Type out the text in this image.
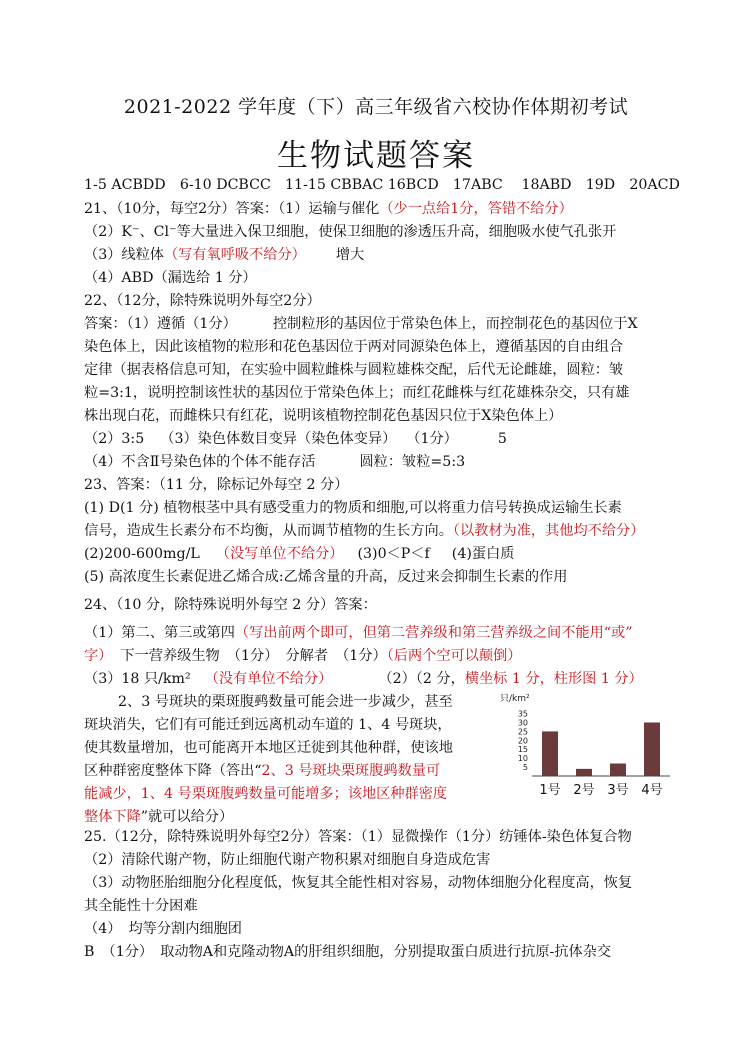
2021-2022 学年度（下）高三年级省六校协作体期初考试
生物试题答案
1-5 ACBDD　6-10 DCBCC　11-15 CBBAC 16BCD　17ABC　 18ABD　19D　20ACD
21、（10分，每空2分）答案：（1）运输与催化（少一点给1分，答错不给分）
（2）K⁻、Cl⁻等大量进入保卫细胞，使保卫细胞的渗透压升高，细胞吸水使气孔张开
（3）线粒体（写有氧呼吸不给分） 增大
（4）ABD（漏选给 1 分）
22、（12分，除特殊说明外每空2分）
答案：（1）遵循（1分）	控制粒形的基因位于常染色体上，而控制花色的基因位于X
染色体上，因此该植物的粒形和花色基因位于两对同源染色体上，遵循基因的自由组合
定律（据表格信息可知，在实验中圆粒雌株与圆粒雄株交配，后代无论雌雄，圆粒：皱
粒=3:1，说明控制该性状的基因位于常染色体上；而红花雌株与红花雄株杂交，只有雄
株出现白花，而雌株只有红花，说明该植物控制花色基因只位于X染色体上）
（2）3:5 （3）染色体数目变异（染色体变异） （1分）	5
（4）不含Ⅱ号染色体的个体不能存活	圆粒：皱粒=5:3
23、答案：（11 分，除标记外每空 2 分）
(1) D(1 分) 植物根茎中具有感受重力的物质和细胞,可以将重力信号转换成运输生长素
信号，造成生长素分布不均衡，从而调节植物的生长方向。（以教材为准，其他均不给分）
(2)200-600mg/L （没写单位不给分） (3)0＜P＜f (4)蛋白质
(5) 高浓度生长素促进乙烯合成:乙烯含量的升高，反过来会抑制生长素的作用
24、（10 分，除特殊说明外每空 2 分）答案：
（1）第二、第三或第四（写出前两个即可，但第二营养级和第三营养级之间不能用“或”
字） 下一营养级生物　（1分）　分解者　（1分）（后两个空可以颠倒）
（3）18 只/km² （没有单位不给分）	（2）（2 分，横坐标 1 分，柱形图 1 分）
2、3 号斑块的栗斑腹鹀数量可能会进一步减少，甚至
斑块消失，它们有可能迁到远离机动车道的 1、4 号斑块，
使其数量增加，也可能离开本地区迁徙到其他种群，使该地
区种群密度整体下降（答出“2、3 号斑块栗斑腹鹀数量可
能减少，1、4 号栗斑腹鹀数量可能增多；该地区种群密度
整体下降”就可以给分）
只/km²
35
30
25
20
15
10
5
1号 2号 3号 4号
25.（12分，除特殊说明外每空2分）答案：（1）显微操作（1分）纺锤体-染色体复合物
（2）清除代谢产物，防止细胞代谢产物积累对细胞自身造成危害
（3）动物胚胎细胞分化程度低，恢复其全能性相对容易，动物体细胞分化程度高，恢复
其全能性十分困难
（4）　均等分割内细胞团
B　（1分）　取动物A和克隆动物A的肝组织细胞，分别提取蛋白质进行抗原-抗体杂交
